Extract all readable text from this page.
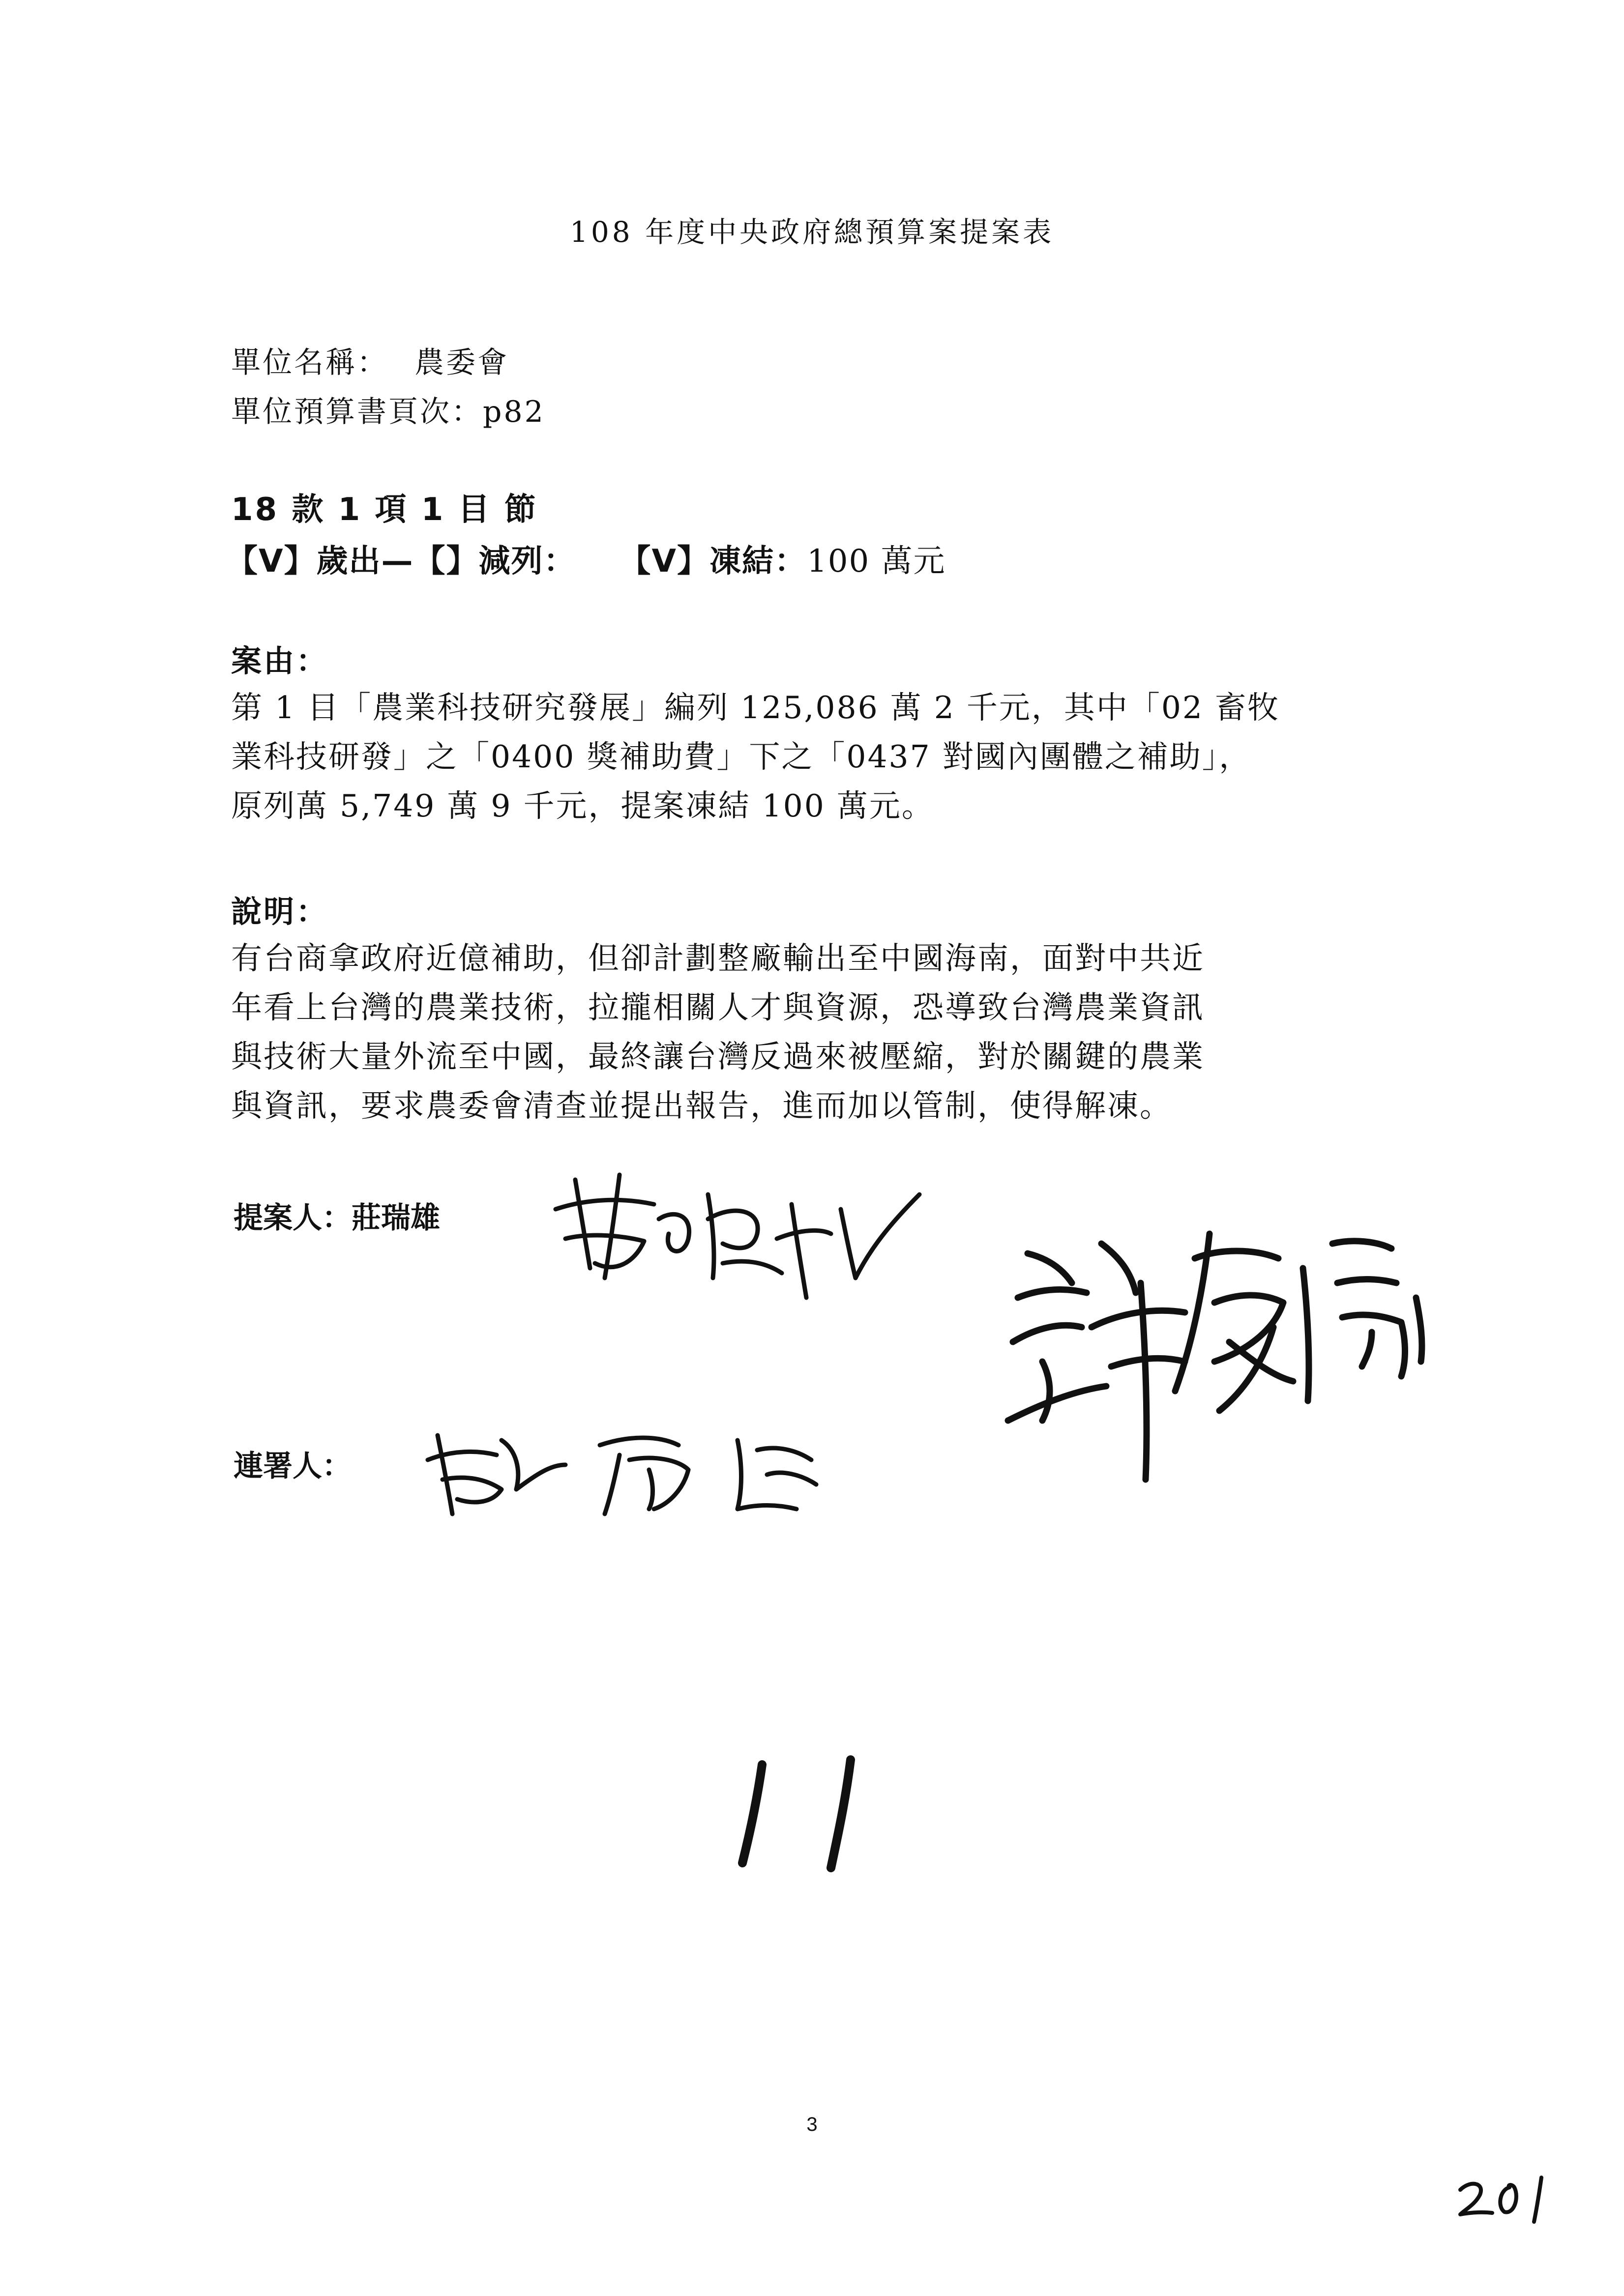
108 年度中央政府總預算案提案表
單位名稱： 農委會
單位預算書頁次：p82
18 款 1 項 1 目 節
【V】歲出—【】減列： 【V】凍結：100 萬元
案由：
第 1 目「農業科技研究發展」編列 125,086 萬 2 千元，其中「02 畜牧
業科技研發」之「0400 獎補助費」下之「0437 對國內團體之補助」，
原列萬 5,749 萬 9 千元，提案凍結 100 萬元。
說明：
有台商拿政府近億補助，但卻計劃整廠輸出至中國海南，面對中共近
年看上台灣的農業技術，拉攏相關人才與資源，恐導致台灣農業資訊
與技術大量外流至中國，最終讓台灣反過來被壓縮，對於關鍵的農業
與資訊，要求農委會清查並提出報告，進而加以管制，使得解凍。
提案人：莊瑞雄
連署人：
3
